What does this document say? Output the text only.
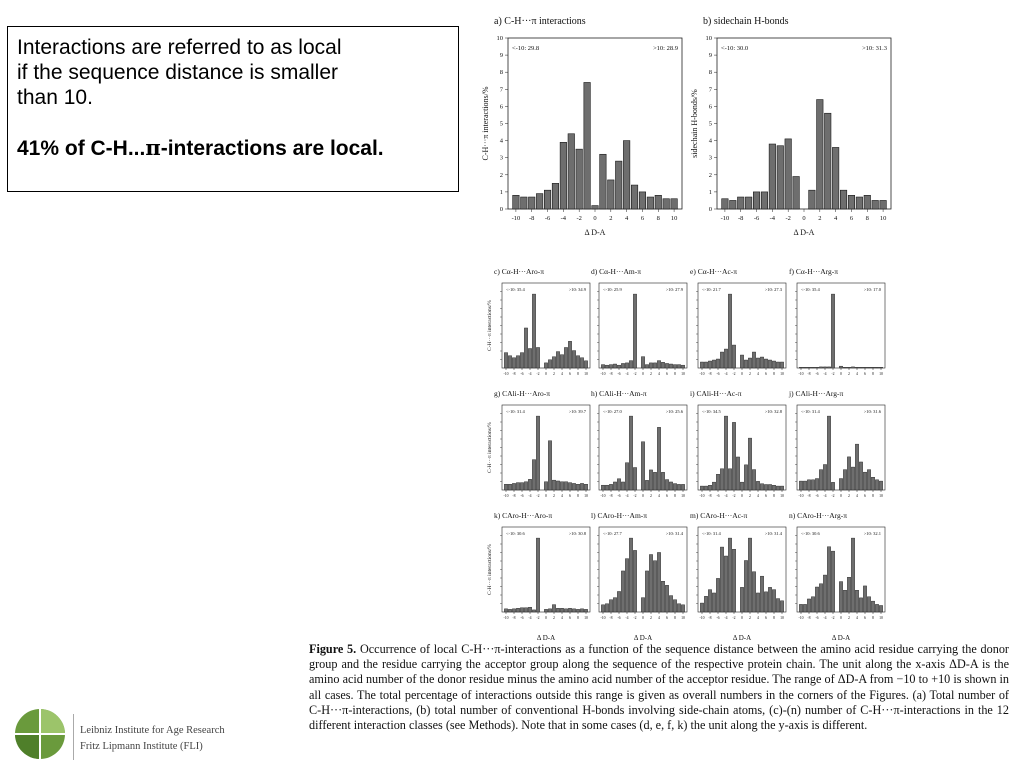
Interactions are referred to as local
if the sequence distance is smaller
than 10.
41% of C-H...π-interactions are local.
a) C-H···π interactions
<-10: 29.8	>10: 28.9
-10 -8 -6 -4 -2 0 2 4 6 8 10
0
1
2
3
4
5
6
7
8
9
10
C-H···π interactions/%
Δ D-A
b) sidechain H-bonds
<-10: 30.0	>10: 31.3
-10 -8 -6 -4 -2 0 2 4 6 8 10
0
1
2
3
4
5
6
7
8
9
10
sidechain H-bonds/%
Δ D-A
c) Cα-H···Aro-π
<-10: 35.4	>10: 34.9
-10 -8 -6 -4 -2 0 2 4 6 8 10
d) Cα-H···Am-π
<-10: 25.9	>10: 27.9
-10 -8 -6 -4 -2 0 2 4 6 8 10
e) Cα-H···Ac-π
<-10: 21.7	>10: 27.3
-10 -8 -6 -4 -2 0 2 4 6 8 10
f) Cα-H···Arg-π
<-10: 35.4	>10: 17.0
-10 -8 -6 -4 -2 0 2 4 6 8 10
C-H···π interactions/%
g) CAli-H···Aro-π
<-10: 31.4	>10: 39.7
-10 -8 -6 -4 -2 0 2 4 6 8 10
h) CAli-H···Am-π
<-10: 27.0	>10: 25.6
-10 -8 -6 -4 -2 0 2 4 6 8 10
i) CAli-H···Ac-π
<-10: 34.5	>10: 32.8
-10 -8 -6 -4 -2 0 2 4 6 8 10
j) CAli-H···Arg-π
<-10: 31.4	>10: 31.6
-10 -8 -6 -4 -2 0 2 4 6 8 10
C-H···π interactions/%
k) CAro-H···Aro-π
<-10: 30.6	>10: 30.8
-10 -8 -6 -4 -2 0 2 4 6 8 10
l) CAro-H···Am-π
<-10: 27.7	>10: 31.4
-10 -8 -6 -4 -2 0 2 4 6 8 10
m) CAro-H···Ac-π
<-10: 31.4	>10: 31.4
-10 -8 -6 -4 -2 0 2 4 6 8 10
n) CAro-H···Arg-π
<-10: 30.6	>10: 32.1
-10 -8 -6 -4 -2 0 2 4 6 8 10
C-H···π interactions/%
Δ D-A	Δ D-A	Δ D-A	Δ D-A
Figure 5. Occurrence of local C-H···π-interactions as a function of the sequence distance between the amino acid residue carrying the donor group and the residue carrying the acceptor group along the sequence of the respective protein chain. The unit along the x-axis ΔD-A is the amino acid number of the donor residue minus the amino acid number of the acceptor residue. The range of ΔD-A from −10 to +10 is shown in all cases. The total percentage of interactions outside this range is given as overall numbers in the corners of the Figures. (a) Total number of C-H···π-interactions, (b) total number of conventional H-bonds involving side-chain atoms, (c)-(n) number of C-H···π-interactions in the 12 different interaction classes (see Methods). Note that in some cases (d, e, f, k) the unit along the y-axis is different.
Leibniz Institute for Age Research
Fritz Lipmann Institute (FLI)
